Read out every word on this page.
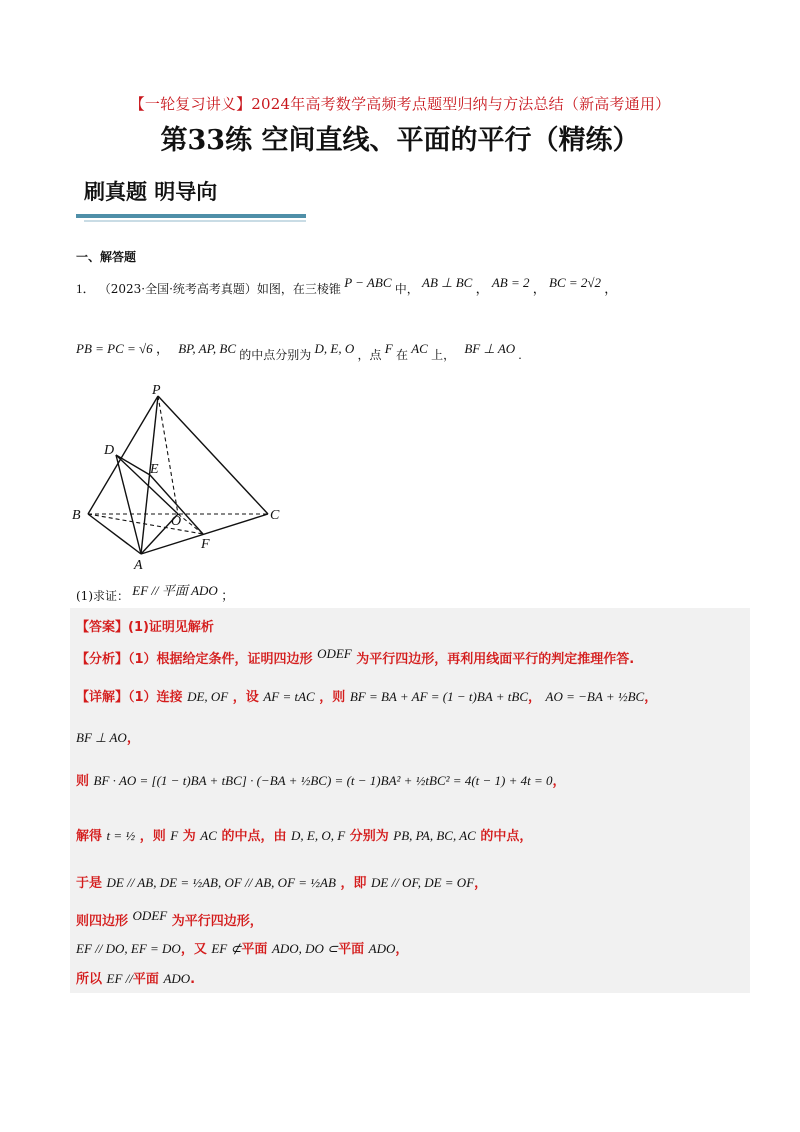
【一轮复习讲义】2024年高考数学高频考点题型归纳与方法总结（新高考通用）
第33练 空间直线、平面的平行（精练）
刷真题 明导向
一、解答题
1． （2023·全国·统考高考真题）如图，在三棱锥 P − ABC 中， AB ⊥ BC ， AB = 2 ， BC = 2√2 ，
PB = PC = √6 ， BP, AP, BC 的中点分别为 D, E, O ，点 F 在 AC 上， BF ⊥ AO .
P
D
E
B	O	C
F
A
(1)求证： EF // 平面 ADO ；
【答案】(1)证明见解析
【分析】（1）根据给定条件，证明四边形 ODEF 为平行四边形，再利用线面平行的判定推理作答.
【详解】（1）连接 DE, OF ，设 AF = tAC ，则 BF = BA + AF = (1 − t)BA + tBC， AO = −BA + ½BC，
BF ⊥ AO，
则 BF · AO = [(1 − t)BA + tBC] · (−BA + ½BC) = (t − 1)BA² + ½tBC² = 4(t − 1) + 4t = 0，
解得 t = ½ ，则 F 为 AC 的中点，由 D, E, O, F 分别为 PB, PA, BC, AC 的中点，
于是 DE // AB, DE = ½AB, OF // AB, OF = ½AB ，即 DE // OF, DE = OF，
则四边形 ODEF 为平行四边形，
EF // DO, EF = DO，又 EF ⊄平面 ADO, DO ⊂平面 ADO，
所以 EF //平面 ADO.
